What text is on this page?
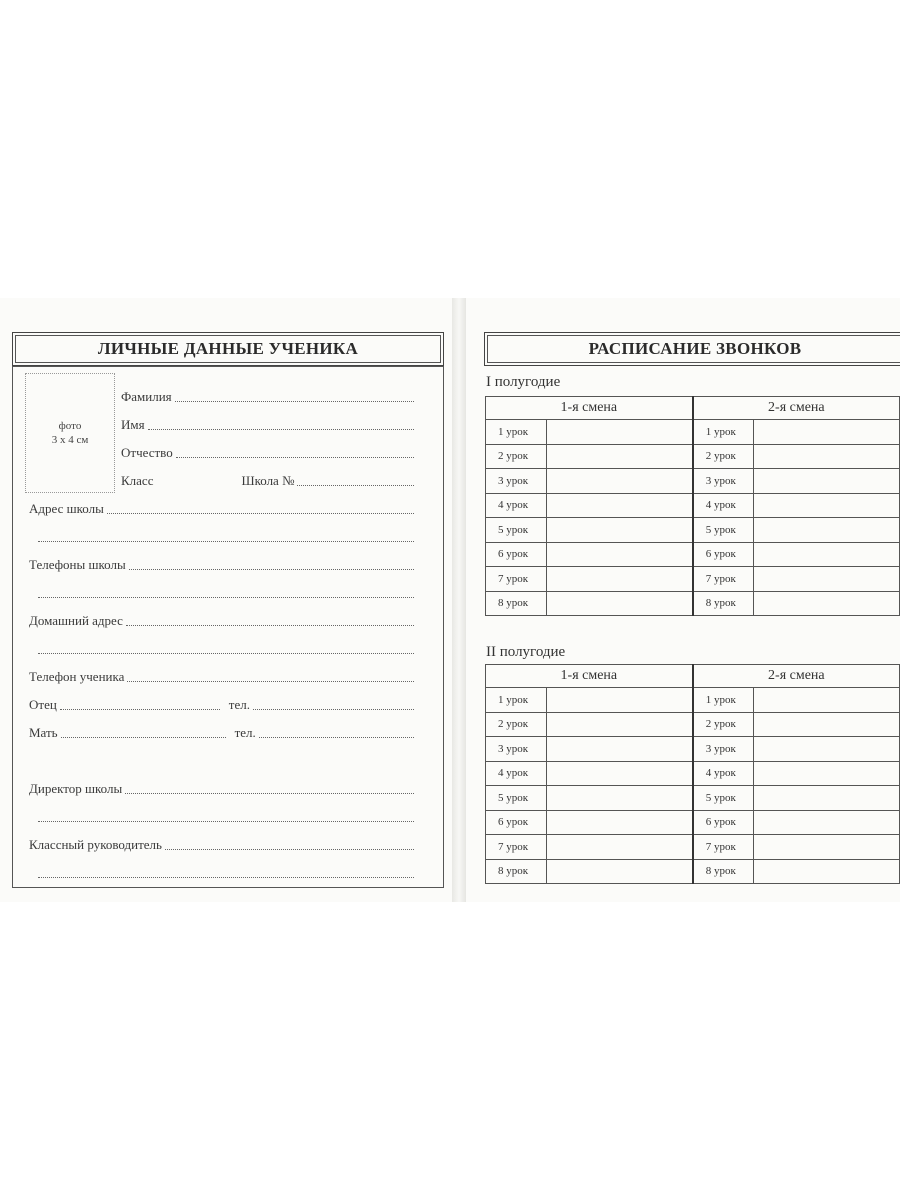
ЛИЧНЫЕ ДАННЫЕ УЧЕНИКА
фото
3 х 4 см
Фамилия
Имя
Отчество
Класс	Школа №
Адрес школы
Телефоны школы
Домашний адрес
Телефон ученика
Отец	тел.
Мать	тел.
Директор школы
Классный руководитель
РАСПИСАНИЕ ЗВОНКОВ
I полугодие
1-я смена		2-я смена	
1 урок		1 урок	
2 урок		2 урок	
3 урок		3 урок	
4 урок		4 урок	
5 урок		5 урок	
6 урок		6 урок	
7 урок		7 урок	
8 урок		8 урок	
II полугодие
1-я смена		2-я смена	
1 урок		1 урок	
2 урок		2 урок	
3 урок		3 урок	
4 урок		4 урок	
5 урок		5 урок	
6 урок		6 урок	
7 урок		7 урок	
8 урок		8 урок	
